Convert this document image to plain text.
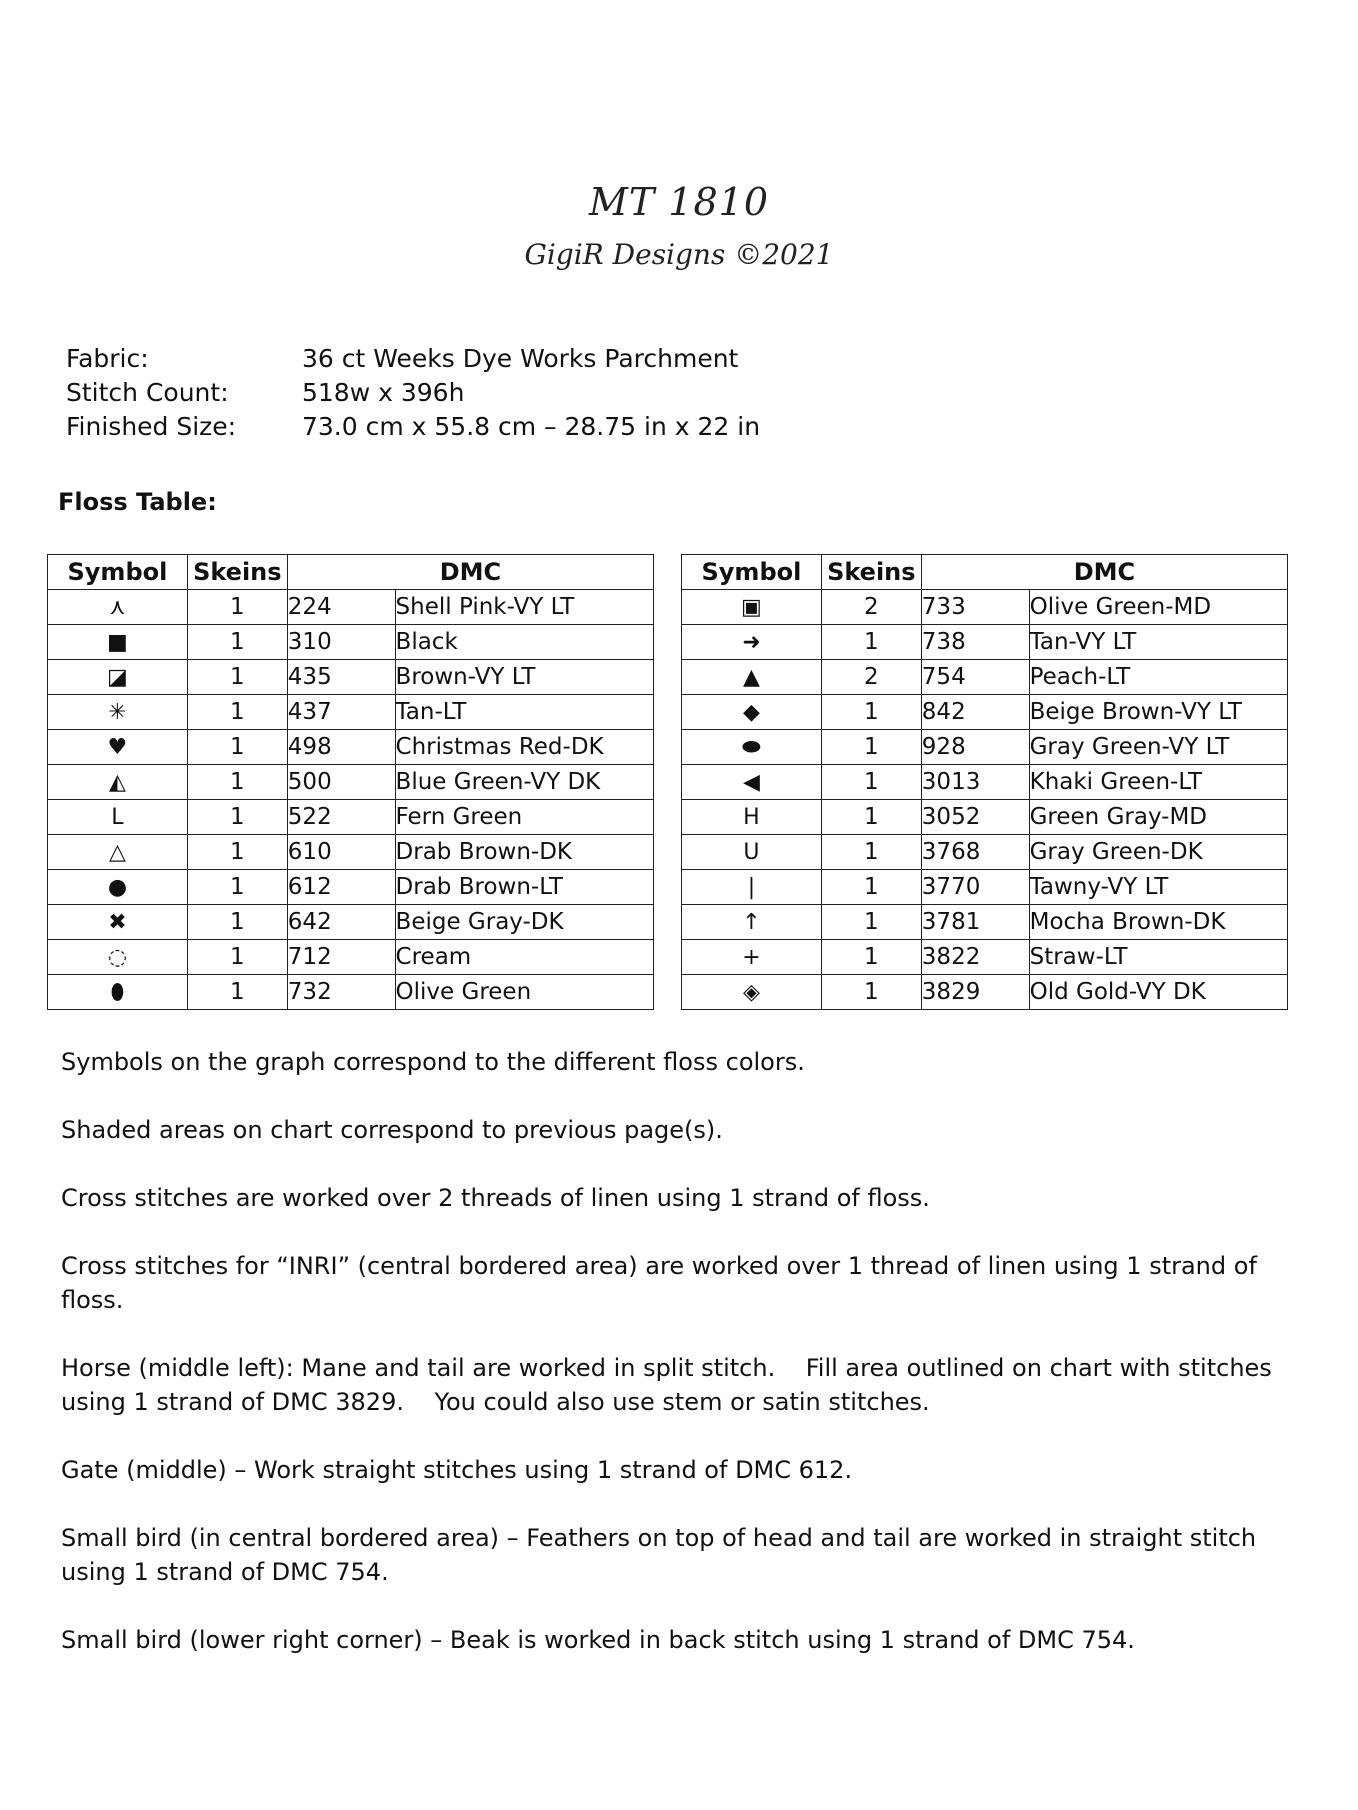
MT 1810
GigiR Designs ©2021
Fabric:	36 ct Weeks Dye Works Parchment
Stitch Count:	518w x 396h
Finished Size:	73.0 cm x 55.8 cm – 28.75 in x 22 in
Floss Table:
Symbol	Skeins	DMC	
⋏	1	224	Shell Pink-VY LT
■	1	310	Black
◪	1	435	Brown-VY LT
✳	1	437	Tan-LT
♥	1	498	Christmas Red-DK
◭	1	500	Blue Green-VY DK
L	1	522	Fern Green
△	1	610	Drab Brown-DK
●	1	612	Drab Brown-LT
✖	1	642	Beige Gray-DK
◌	1	712	Cream
⬮	1	732	Olive Green
Symbol	Skeins	DMC	
▣	2	733	Olive Green-MD
➜	1	738	Tan-VY LT
▲	2	754	Peach-LT
◆	1	842	Beige Brown-VY LT
⬬	1	928	Gray Green-VY LT
◀	1	3013	Khaki Green-LT
H	1	3052	Green Gray-MD
U	1	3768	Gray Green-DK
|	1	3770	Tawny-VY LT
↑	1	3781	Mocha Brown-DK
+	1	3822	Straw-LT
◈	1	3829	Old Gold-VY DK

Symbols on the graph correspond to the different floss colors.

Shaded areas on chart correspond to previous page(s).

Cross stitches are worked over 2 threads of linen using 1 strand of floss.

Cross stitches for “INRI” (central bordered area) are worked over 1 thread of linen using 1 strand of floss.

Horse (middle left): Mane and tail are worked in split stitch.    Fill area outlined on chart with stitches using 1 strand of DMC 3829.    You could also use stem or satin stitches.

Gate (middle) – Work straight stitches using 1 strand of DMC 612.

Small bird (in central bordered area) – Feathers on top of head and tail are worked in straight stitch using 1 strand of DMC 754.

Small bird (lower right corner) – Beak is worked in back stitch using 1 strand of DMC 754.
